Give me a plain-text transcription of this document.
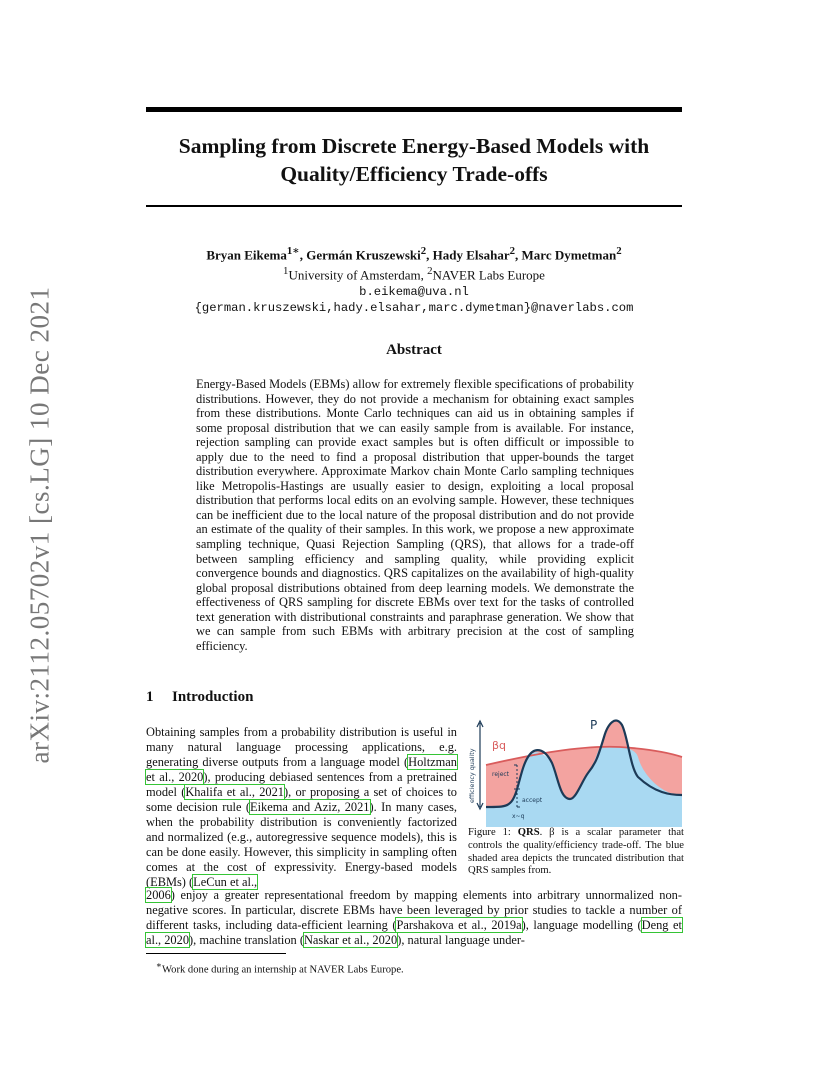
arXiv:2112.05702v1 [cs.LG] 10 Dec 2021
Sampling from Discrete Energy-Based Models with
Quality/Efficiency Trade-offs
Bryan Eikema$^{1∗}$, Germán Kruszewski$^2$, Hady Elsahar$^2$, Marc Dymetman$^2$
$^1$University of Amsterdam, $^2$NAVER Labs Europe
b.eikema@uva.nl
{german.kruszewski,hady.elsahar,marc.dymetman}@naverlabs.com
Abstract
Energy-Based Models (EBMs) allow for extremely flexible specifications of probability distributions. However, they do not provide a mechanism for obtaining exact samples from these distributions. Monte Carlo techniques can aid us in obtaining samples if some proposal distribution that we can easily sample from is available. For instance, rejection sampling can provide exact samples but is often difficult or impossible to apply due to the need to find a proposal distribution that upper-bounds the target distribution everywhere. Approximate Markov chain Monte Carlo sampling techniques like Metropolis-Hastings are usually easier to design, exploiting a local proposal distribution that performs local edits on an evolving sample. However, these techniques can be inefficient due to the local nature of the proposal distribution and do not provide an estimate of the quality of their samples. In this work, we propose a new approximate sampling technique, Quasi Rejection Sampling (QRS), that allows for a trade-off between sampling efficiency and sampling quality, while providing explicit convergence bounds and diagnostics. QRS capitalizes on the availability of high-quality global proposal distributions obtained from deep learning models. We demonstrate the effectiveness of QRS sampling for discrete EBMs over text for the tasks of controlled text generation with distributional constraints and paraphrase generation. We show that we can sample from such EBMs with arbitrary precision at the cost of sampling efficiency.
1 Introduction
Obtaining samples from a probability distribution is useful in many natural language processing applications, e.g. generating diverse outputs from a language model (Holtzman et al., 2020), producing debiased sentences from a pretrained model (Khalifa et al., 2021), or proposing a set of choices to some decision rule (Eikema and Aziz, 2021). In many cases, when the probability distribution is conveniently factorized and normalized (e.g., autoregressive sequence models), this is can be done easily. However, this simplicity in sampling often comes at the cost of expressivity. Energy-based models (EBMs) (LeCun et al.,
2006) enjoy a greater representational freedom by mapping elements into arbitrary unnormalized non-negative scores. In particular, discrete EBMs have been leveraged by prior studies to tackle a number of different tasks, including data-efficient learning (Parshakova et al., 2019a), language modelling (Deng et al., 2020), machine translation (Naskar et al., 2020), natural language under-
efficiency quality
P
βq
reject
accept
x~q
Figure 1: QRS. β is a scalar parameter that controls the quality/efficiency trade-off. The blue shaded area depicts the truncated distribution that QRS samples from.
∗Work done during an internship at NAVER Labs Europe.
